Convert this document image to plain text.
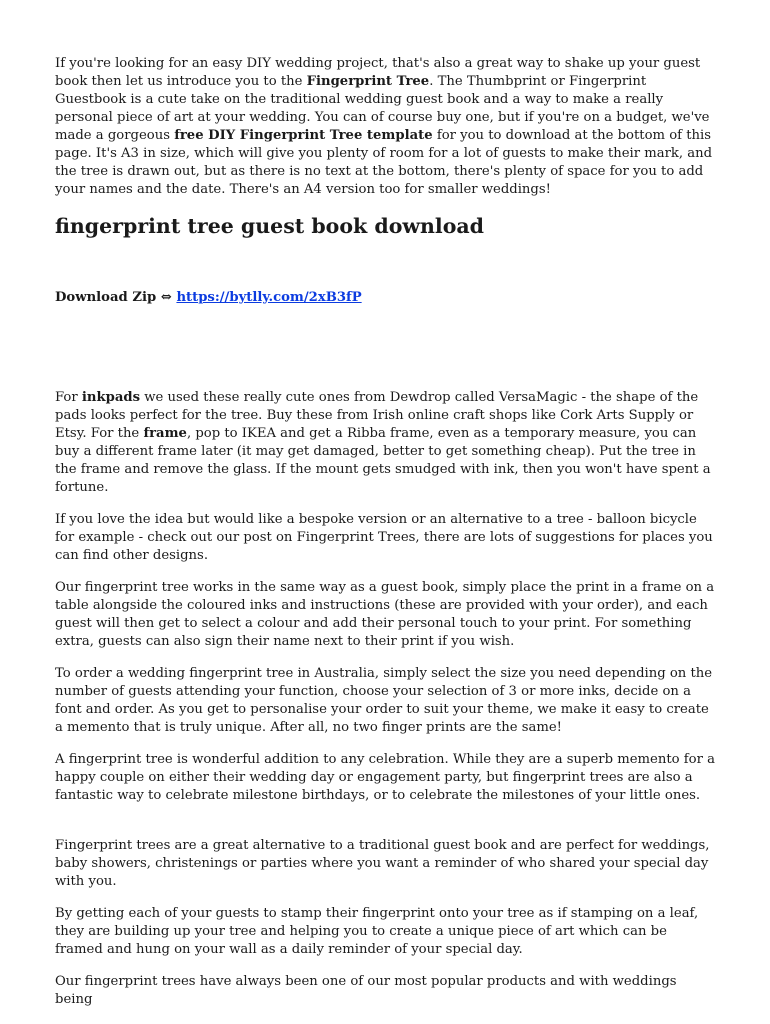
If you're looking for an easy DIY wedding project, that's also a great way to shake up your guest book then let us introduce you to the Fingerprint Tree. The Thumbprint or Fingerprint Guestbook is a cute take on the traditional wedding guest book and a way to make a really personal piece of art at your wedding. You can of course buy one, but if you're on a budget, we've made a gorgeous free DIY Fingerprint Tree template for you to download at the bottom of this page. It's A3 in size, which will give you plenty of room for a lot of guests to make their mark, and the tree is drawn out, but as there is no text at the bottom, there's plenty of space for you to add your names and the date. There's an A4 version too for smaller weddings!

fingerprint tree guest book download

Download Zip ⇔ https://bytlly.com/2xB3fP

For inkpads we used these really cute ones from Dewdrop called VersaMagic - the shape of the pads looks perfect for the tree. Buy these from Irish online craft shops like Cork Arts Supply or Etsy. For the frame, pop to IKEA and get a Ribba frame, even as a temporary measure, you can buy a different frame later (it may get damaged, better to get something cheap). Put the tree in the frame and remove the glass. If the mount gets smudged with ink, then you won't have spent a fortune.

If you love the idea but would like a bespoke version or an alternative to a tree - balloon bicycle for example - check out our post on Fingerprint Trees, there are lots of suggestions for places you can find other designs.

Our fingerprint tree works in the same way as a guest book, simply place the print in a frame on a table alongside the coloured inks and instructions (these are provided with your order), and each guest will then get to select a colour and add their personal touch to your print. For something extra, guests can also sign their name next to their print if you wish.

To order a wedding fingerprint tree in Australia, simply select the size you need depending on the number of guests attending your function, choose your selection of 3 or more inks, decide on a font and order. As you get to personalise your order to suit your theme, we make it easy to create a memento that is truly unique. After all, no two finger prints are the same!

A fingerprint tree is wonderful addition to any celebration. While they are a superb memento for a happy couple on either their wedding day or engagement party, but fingerprint trees are also a fantastic way to celebrate milestone birthdays, or to celebrate the milestones of your little ones.

Fingerprint trees are a great alternative to a traditional guest book and are perfect for weddings, baby showers, christenings or parties where you want a reminder of who shared your special day with you.

By getting each of your guests to stamp their fingerprint onto your tree as if stamping on a leaf, they are building up your tree and helping you to create a unique piece of art which can be framed and hung on your wall as a daily reminder of your special day.

Our fingerprint trees have always been one of our most popular products and with weddings being
